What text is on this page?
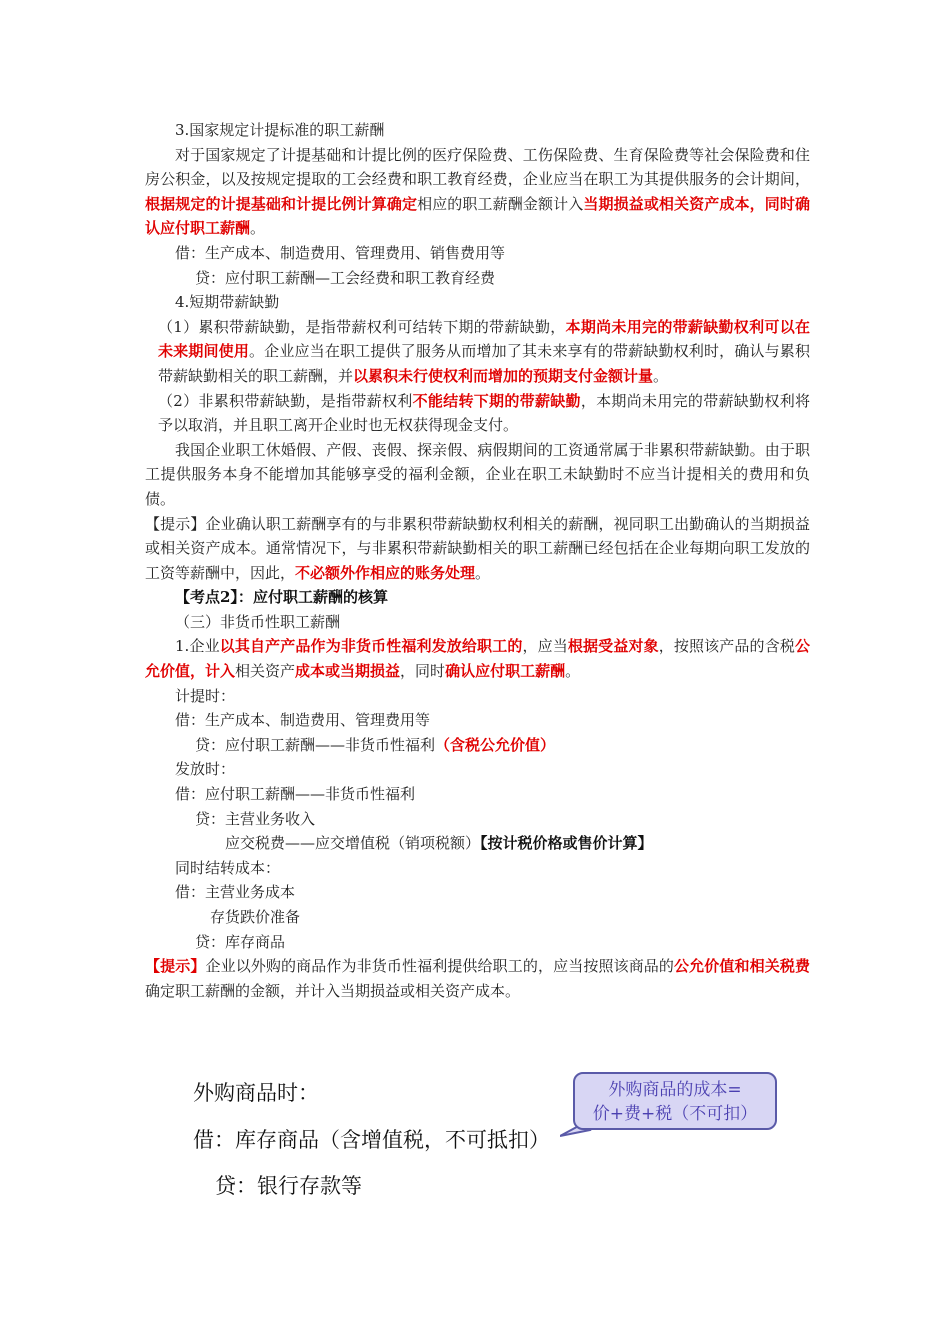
3.国家规定计提标准的职工薪酬

对于国家规定了计提基础和计提比例的医疗保险费、工伤保险费、生育保险费等社会保险费和住房公积金，以及按规定提取的工会经费和职工教育经费，企业应当在职工为其提供服务的会计期间，根据规定的计提基础和计提比例计算确定相应的职工薪酬金额计入当期损益或相关资产成本，同时确认应付职工薪酬。

借：生产成本、制造费用、管理费用、销售费用等

贷：应付职工薪酬—工会经费和职工教育经费

4.短期带薪缺勤

（1）累积带薪缺勤，是指带薪权利可结转下期的带薪缺勤，本期尚未用完的带薪缺勤权利可以在未来期间使用。企业应当在职工提供了服务从而增加了其未来享有的带薪缺勤权利时，确认与累积带薪缺勤相关的职工薪酬，并以累积未行使权利而增加的预期支付金额计量。

（2）非累积带薪缺勤，是指带薪权利不能结转下期的带薪缺勤，本期尚未用完的带薪缺勤权利将予以取消，并且职工离开企业时也无权获得现金支付。

我国企业职工休婚假、产假、丧假、探亲假、病假期间的工资通常属于非累积带薪缺勤。由于职工提供服务本身不能增加其能够享受的福利金额，企业在职工未缺勤时不应当计提相关的费用和负债。

【提示】企业确认职工薪酬享有的与非累积带薪缺勤权利相关的薪酬，视同职工出勤确认的当期损益或相关资产成本。通常情况下，与非累积带薪缺勤相关的职工薪酬已经包括在企业每期向职工发放的工资等薪酬中，因此，不必额外作相应的账务处理。

【考点2】：应付职工薪酬的核算

（三）非货币性职工薪酬

1.企业以其自产产品作为非货币性福利发放给职工的，应当根据受益对象，按照该产品的含税公允价值，计入相关资产成本或当期损益，同时确认应付职工薪酬。

计提时：

借：生产成本、制造费用、管理费用等

贷：应付职工薪酬——非货币性福利（含税公允价值）

发放时：

借：应付职工薪酬——非货币性福利

贷：主营业务收入

应交税费——应交增值税（销项税额）【按计税价格或售价计算】

同时结转成本：

借：主营业务成本

存货跌价准备

贷：库存商品

【提示】企业以外购的商品作为非货币性福利提供给职工的，应当按照该商品的公允价值和相关税费确定职工薪酬的金额，并计入当期损益或相关资产成本。

外购商品时：
借：库存商品（含增值税，不可抵扣）
贷：银行存款等
外购商品的成本=
价+费+税（不可扣）
